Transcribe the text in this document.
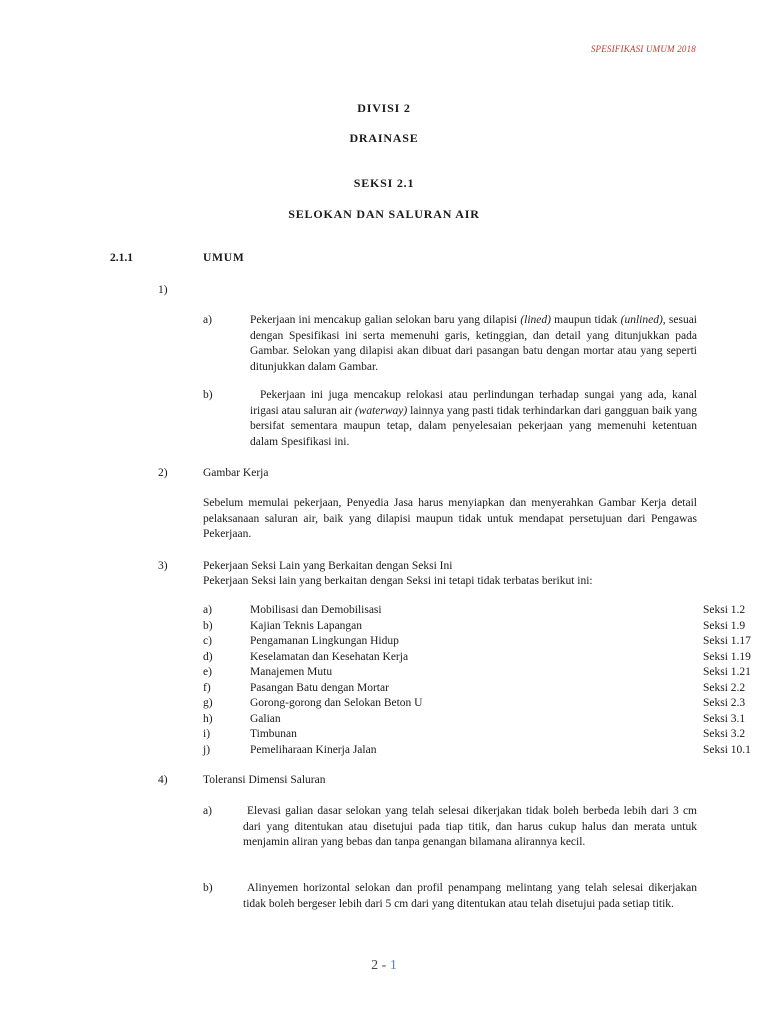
SPESIFIKASI UMUM 2018
DIVISI 2
DRAINASE
SEKSI 2.1
SELOKAN DAN SALURAN AIR
2.1.1	UMUM
1)
a)	Pekerjaan ini mencakup galian selokan baru yang dilapisi (lined) maupun tidak (unlined), sesuai dengan Spesifikasi ini serta memenuhi garis, ketinggian, dan detail yang ditunjukkan pada Gambar. Selokan yang dilapisi akan dibuat dari pasangan batu dengan mortar atau yang seperti ditunjukkan dalam Gambar.
b)	Pekerjaan ini juga mencakup relokasi atau perlindungan terhadap sungai yang ada, kanal irigasi atau saluran air (waterway) lainnya yang pasti tidak terhindarkan dari gangguan baik yang bersifat sementara maupun tetap, dalam penyelesaian pekerjaan yang memenuhi ketentuan dalam Spesifikasi ini.
2)	Gambar Kerja
Sebelum memulai pekerjaan, Penyedia Jasa harus menyiapkan dan menyerahkan Gambar Kerja detail pelaksanaan saluran air, baik yang dilapisi maupun tidak untuk mendapat persetujuan dari Pengawas Pekerjaan.
3)	Pekerjaan Seksi Lain yang Berkaitan dengan Seksi Ini
Pekerjaan Seksi lain yang berkaitan dengan Seksi ini tetapi tidak terbatas berikut ini:
a)	Mobilisasi dan Demobilisasi	Seksi 1.2
b)	Kajian Teknis Lapangan	Seksi 1.9
c)	Pengamanan Lingkungan Hidup	Seksi 1.17
d)	Keselamatan dan Kesehatan Kerja	Seksi 1.19
e)	Manajemen Mutu	Seksi 1.21
f)	Pasangan Batu dengan Mortar	Seksi 2.2
g)	Gorong-gorong dan Selokan Beton U	Seksi 2.3
h)	Galian	Seksi 3.1
i)	Timbunan	Seksi 3.2
j)	Pemeliharaan Kinerja Jalan	Seksi 10.1
4)	Toleransi Dimensi Saluran
a)	Elevasi galian dasar selokan yang telah selesai dikerjakan tidak boleh berbeda lebih dari 3 cm dari yang ditentukan atau disetujui pada tiap titik, dan harus cukup halus dan merata untuk menjamin aliran yang bebas dan tanpa genangan bilamana alirannya kecil.
b)	Alinyemen horizontal selokan dan profil penampang melintang yang telah selesai dikerjakan tidak boleh bergeser lebih dari 5 cm dari yang ditentukan atau telah disetujui pada setiap titik.
2 - 1
